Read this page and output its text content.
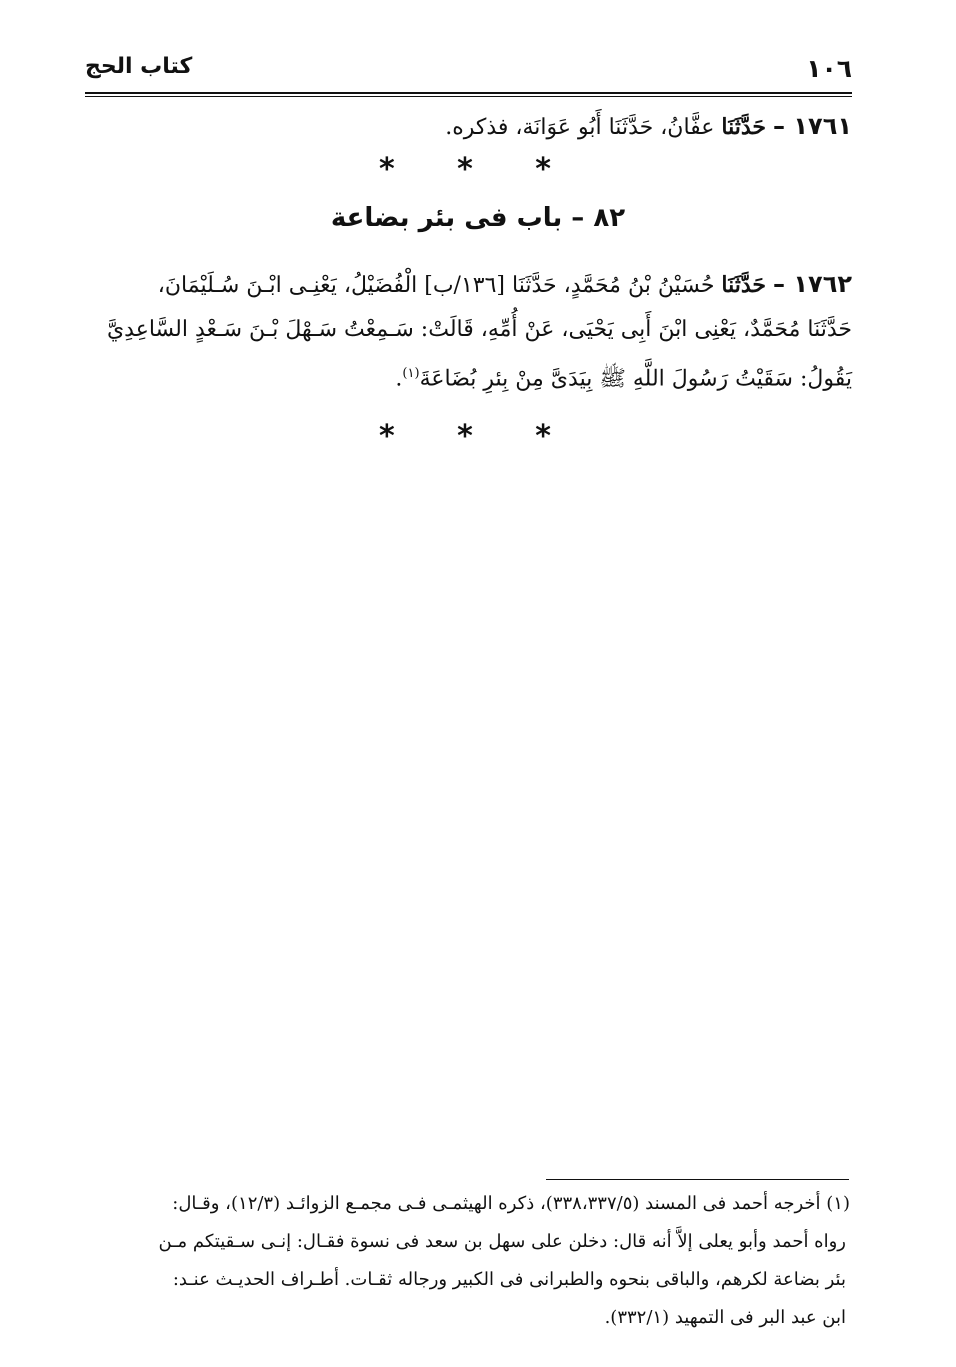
١٠٦
كتاب الحج
١٧٦١ – حَدَّثَنَا عفَّانُ، حَدَّثَنَا أَبُو عَوَانَة، فذكره.
* * *
٨٢ – باب فى بئر بضاعة
١٧٦٢ – حَدَّثَنَا حُسَيْنُ بْنُ مُحَمَّدٍ، حَدَّثَنَا [١٣٦/ب] الْفُضَيْلُ، يَعْنِـى ابْـنَ سُـلَيْمَانَ،
حَدَّثَنَا مُحَمَّدٌ، يَعْنِى ابْنَ أَبِى يَحْيَى، عَنْ أُمِّهِ، قَالَتْ: سَـمِعْتُ سَـهْلَ بْـنَ سَـعْدٍ السَّاعِدِيَّ
يَقُولُ: سَقَيْتُ رَسُولَ اللَّهِ ﷺ بِيَدَىَّ مِنْ بِئرِ بُضَاعَةَ$^{(١)}$.
* * *
(١) أخرجه أحمد فى المسند (٣٣٨،٣٣٧/٥)، ذكره الهيثمـى فـى مجمـع الزوائـد (١٢/٣)، وقـال:
رواه أحمد وأبو يعلى إلاَّ أنه قال: دخلن على سهل بن سعد فى نسوة فقـال: إنـى سـقيتكم مـن
بئر بضاعة لكرهم، والباقى بنحوه والطبرانى فى الكبير ورجاله ثقـات. أطـراف الحديـث عنـد:
ابن عبد البر فى التمهيد (٣٣٢/١).
